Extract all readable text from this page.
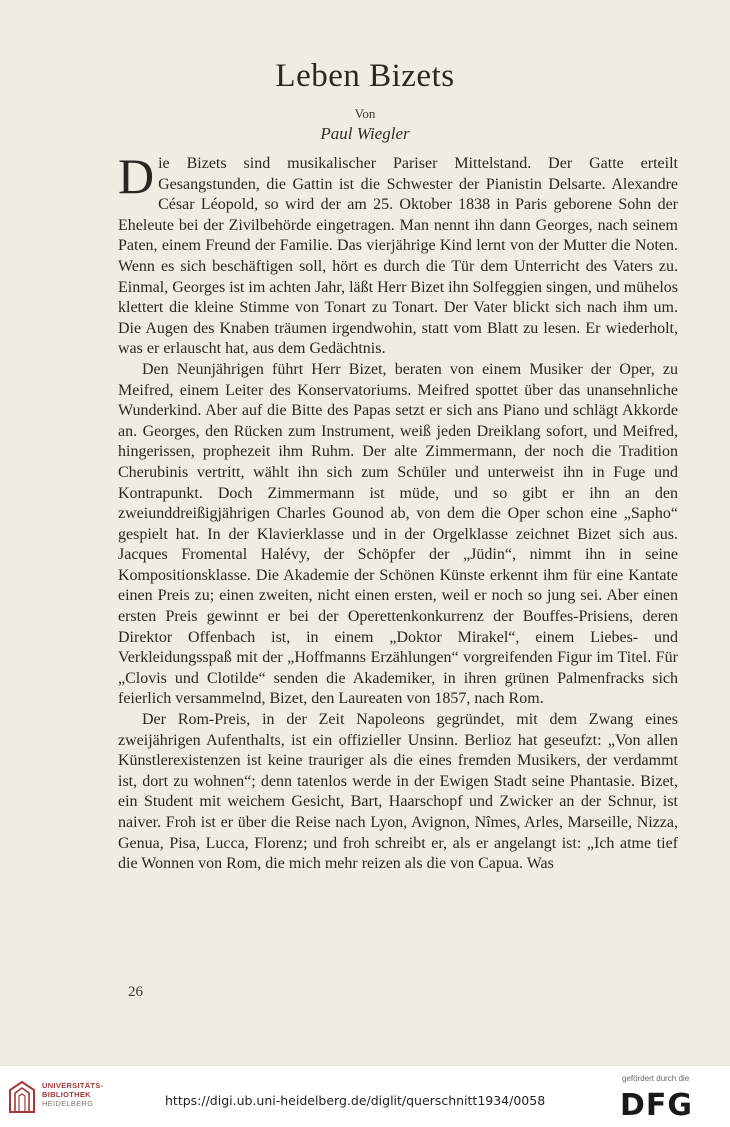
Leben Bizets
Von
Paul Wiegler

Die Bizets sind musikalischer Pariser Mittelstand. Der Gatte erteilt Gesangstunden, die Gattin ist die Schwester der Pianistin Delsarte. Alexandre César Léopold, so wird der am 25. Oktober 1838 in Paris geborene Sohn der Eheleute bei der Zivilbehörde eingetragen. Man nennt ihn dann Georges, nach seinem Paten, einem Freund der Familie. Das vierjährige Kind lernt von der Mutter die Noten. Wenn es sich beschäftigen soll, hört es durch die Tür dem Unterricht des Vaters zu. Einmal, Georges ist im achten Jahr, läßt Herr Bizet ihn Solfeggien singen, und mühelos klettert die kleine Stimme von Tonart zu Tonart. Der Vater blickt sich nach ihm um. Die Augen des Knaben träumen irgendwohin, statt vom Blatt zu lesen. Er wiederholt, was er erlauscht hat, aus dem Gedächtnis.

Den Neunjährigen führt Herr Bizet, beraten von einem Musiker der Oper, zu Meifred, einem Leiter des Konservatoriums. Meifred spottet über das unansehnliche Wunderkind. Aber auf die Bitte des Papas setzt er sich ans Piano und schlägt Akkorde an. Georges, den Rücken zum Instrument, weiß jeden Dreiklang sofort, und Meifred, hingerissen, prophezeit ihm Ruhm. Der alte Zimmermann, der noch die Tradition Cherubinis vertritt, wählt ihn sich zum Schüler und unterweist ihn in Fuge und Kontrapunkt. Doch Zimmermann ist müde, und so gibt er ihn an den zweiunddreißigjährigen Charles Gounod ab, von dem die Oper schon eine „Sapho“ gespielt hat. In der Klavierklasse und in der Orgelklasse zeichnet Bizet sich aus. Jacques Fromental Halévy, der Schöpfer der „Jüdin“, nimmt ihn in seine Kompositionsklasse. Die Akademie der Schönen Künste erkennt ihm für eine Kantate einen Preis zu; einen zweiten, nicht einen ersten, weil er noch so jung sei. Aber einen ersten Preis gewinnt er bei der Operettenkonkurrenz der Bouffes-Prisiens, deren Direktor Offenbach ist, in einem „Doktor Mirakel“, einem Liebes- und Verkleidungsspaß mit der „Hoffmanns Erzählungen“ vorgreifenden Figur im Titel. Für „Clovis und Clotilde“ senden die Akademiker, in ihren grünen Palmenfracks sich feierlich versammelnd, Bizet, den Laureaten von 1857, nach Rom.

Der Rom-Preis, in der Zeit Napoleons gegründet, mit dem Zwang eines zweijährigen Aufenthalts, ist ein offizieller Unsinn. Berlioz hat geseufzt: „Von allen Künstlerexistenzen ist keine trauriger als die eines fremden Musikers, der verdammt ist, dort zu wohnen“; denn tatenlos werde in der Ewigen Stadt seine Phantasie. Bizet, ein Student mit weichem Gesicht, Bart, Haarschopf und Zwicker an der Schnur, ist naiver. Froh ist er über die Reise nach Lyon, Avignon, Nîmes, Arles, Marseille, Nizza, Genua, Pisa, Lucca, Florenz; und froh schreibt er, als er angelangt ist: „Ich atme tief die Wonnen von Rom, die mich mehr reizen als die von Capua. Was

26
UNIVERSITÄTS-
BIBLIOTHEK
HEIDELBERG	https://digi.ub.uni-heidelberg.de/diglit/querschnitt1934/0058
gefördert durch die
DFG
